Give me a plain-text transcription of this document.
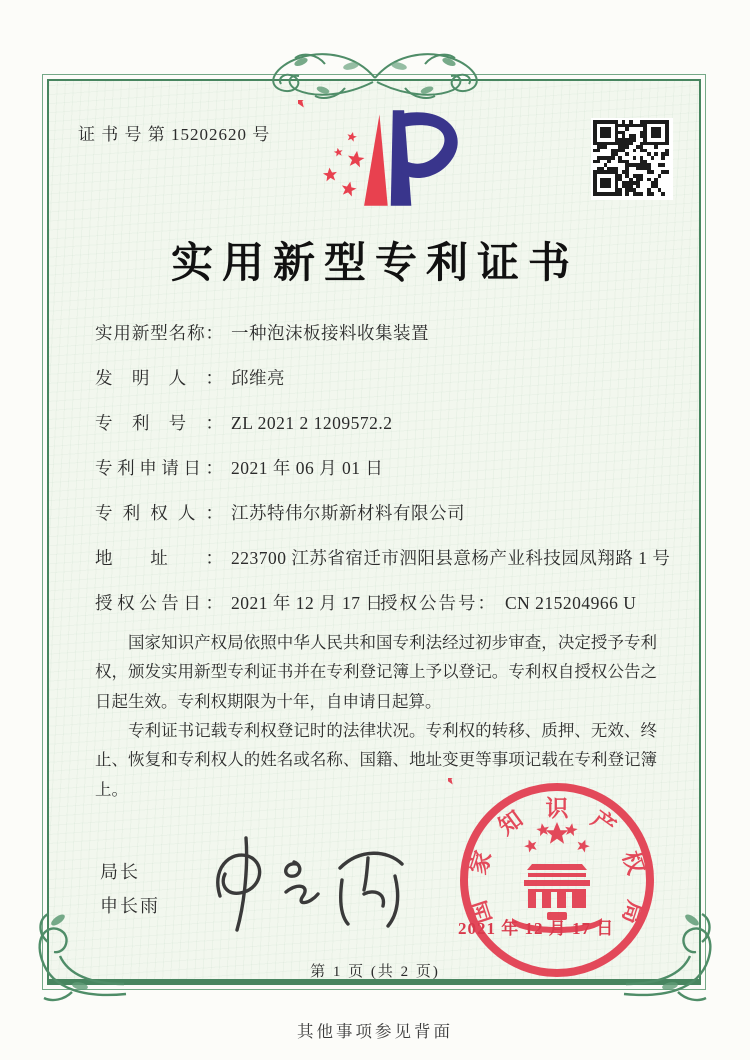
证 书 号 第 15202620 号
实用新型专利证书
实用新型名称： 一种泡沫板接料收集装置
发明人： 邱维亮
专利号： ZL 2021 2 1209572.2
专利申请日： 2021 年 06 月 01 日
专利权人： 江苏特伟尔斯新材料有限公司
地址： 223700 江苏省宿迁市泗阳县意杨产业科技园凤翔路 1 号
授权公告日： 2021 年 12 月 17 日
授权公告号： CN 215204966 U

国家知识产权局依照中华人民共和国专利法经过初步审查，决定授予专利权，颁发实用新型专利证书并在专利登记簿上予以登记。专利权自授权公告之日起生效。专利权期限为十年，自申请日起算。

专利证书记载专利权登记时的法律状况。专利权的转移、质押、无效、终止、恢复和专利权人的姓名或名称、国籍、地址变更等事项记载在专利登记簿上。

局长
申长雨	国
家
知 识 产
权
局
2021 年 12 月 17 日
第 1 页 (共 2 页)
其他事项参见背面
